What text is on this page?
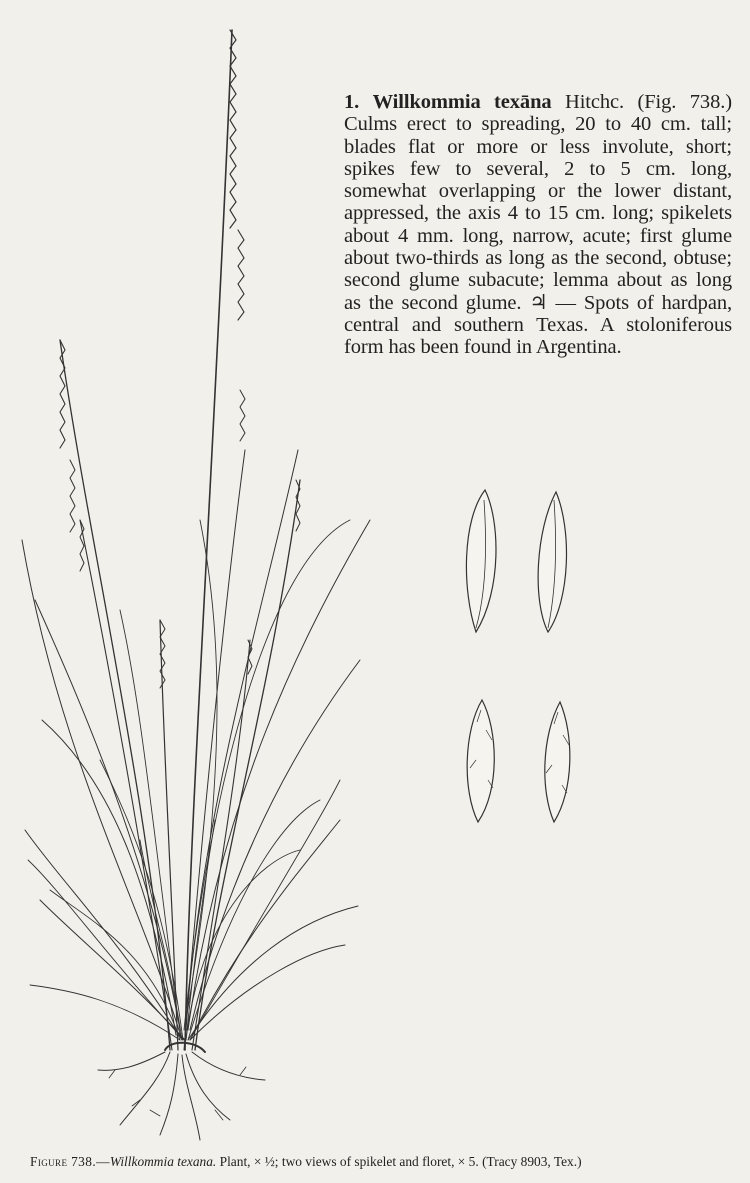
1. Willkommia texāna Hitchc. (Fig. 738.) Culms erect to spreading, 20 to 40 cm. tall; blades flat or more or less involute, short; spikes few to several, 2 to 5 cm. long, somewhat overlapping or the lower distant, appressed, the axis 4 to 15 cm. long; spikelets about 4 mm. long, narrow, acute; first glume about two-thirds as long as the second, obtuse; second glume subacute; lemma about as long as the second glume. ♃ — Spots of hardpan, central and southern Texas. A stoloniferous form has been found in Argentina.

Figure 738.—Willkommia texana. Plant, × ½; two views of spikelet and floret, × 5. (Tracy 8903, Tex.)
